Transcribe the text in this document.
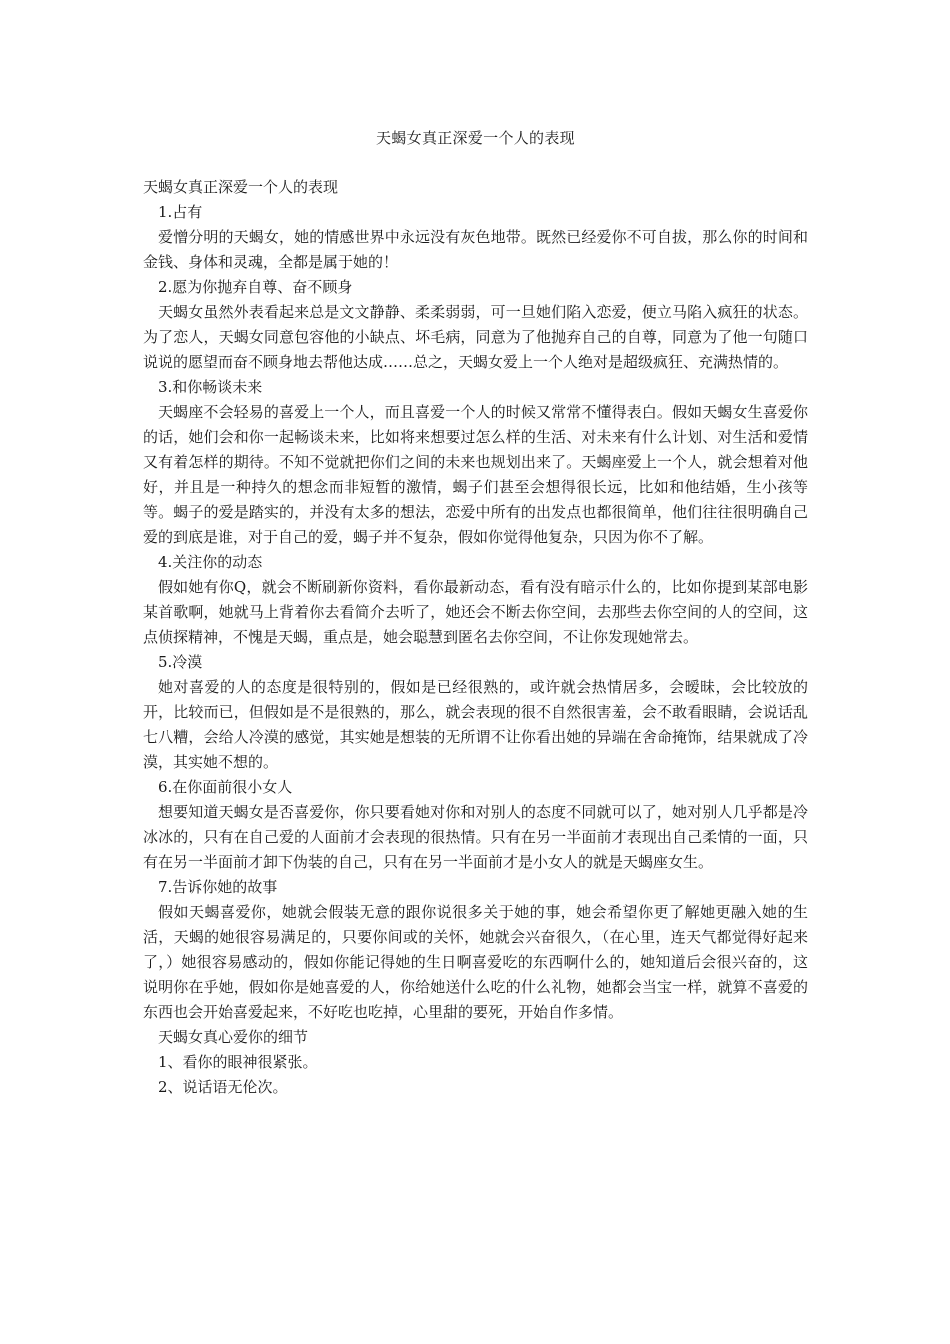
天蝎女真正深爱一个人的表现

天蝎女真正深爱一个人的表现

1.占有

爱憎分明的天蝎女，她的情感世界中永远没有灰色地带。既然已经爱你不可自拔，那么你的时间和金钱、身体和灵魂，全都是属于她的！

2.愿为你抛弃自尊、奋不顾身

天蝎女虽然外表看起来总是文文静静、柔柔弱弱，可一旦她们陷入恋爱，便立马陷入疯狂的状态。为了恋人，天蝎女同意包容他的小缺点、坏毛病，同意为了他抛弃自己的自尊，同意为了他一句随口说说的愿望而奋不顾身地去帮他达成……总之，天蝎女爱上一个人绝对是超级疯狂、充满热情的。

3.和你畅谈未来

天蝎座不会轻易的喜爱上一个人，而且喜爱一个人的时候又常常不懂得表白。假如天蝎女生喜爱你的话，她们会和你一起畅谈未来，比如将来想要过怎么样的生活、对未来有什么计划、对生活和爱情又有着怎样的期待。不知不觉就把你们之间的未来也规划出来了。天蝎座爱上一个人，就会想着对他好，并且是一种持久的想念而非短暂的激情，蝎子们甚至会想得很长远，比如和他结婚，生小孩等等。蝎子的爱是踏实的，并没有太多的想法，恋爱中所有的出发点也都很简单，他们往往很明确自己爱的到底是谁，对于自己的爱，蝎子并不复杂，假如你觉得他复杂，只因为你不了解。

4.关注你的动态

假如她有你Q，就会不断刷新你资料，看你最新动态，看有没有暗示什么的，比如你提到某部电影某首歌啊，她就马上背着你去看简介去听了，她还会不断去你空间，去那些去你空间的人的空间，这点侦探精神，不愧是天蝎，重点是，她会聪慧到匿名去你空间，不让你发现她常去。

5.冷漠

她对喜爱的人的态度是很特别的，假如是已经很熟的，或许就会热情居多，会暧昧，会比较放的开，比较而已，但假如是不是很熟的，那么，就会表现的很不自然很害羞，会不敢看眼睛，会说话乱七八糟，会给人冷漠的感觉，其实她是想装的无所谓不让你看出她的异端在舍命掩饰，结果就成了冷漠，其实她不想的。

6.在你面前很小女人

想要知道天蝎女是否喜爱你，你只要看她对你和对别人的态度不同就可以了，她对别人几乎都是冷冰冰的，只有在自己爱的人面前才会表现的很热情。只有在另一半面前才表现出自己柔情的一面，只有在另一半面前才卸下伪装的自己，只有在另一半面前才是小女人的就是天蝎座女生。

7.告诉你她的故事

假如天蝎喜爱你，她就会假装无意的跟你说很多关于她的事，她会希望你更了解她更融入她的生活，天蝎的她很容易满足的，只要你间或的关怀，她就会兴奋很久，（在心里，连天气都觉得好起来了，）她很容易感动的，假如你能记得她的生日啊喜爱吃的东西啊什么的，她知道后会很兴奋的，这说明你在乎她，假如你是她喜爱的人，你给她送什么吃的什么礼物，她都会当宝一样，就算不喜爱的东西也会开始喜爱起来，不好吃也吃掉，心里甜的要死，开始自作多情。

天蝎女真心爱你的细节

1、看你的眼神很紧张。

2、说话语无伦次。
